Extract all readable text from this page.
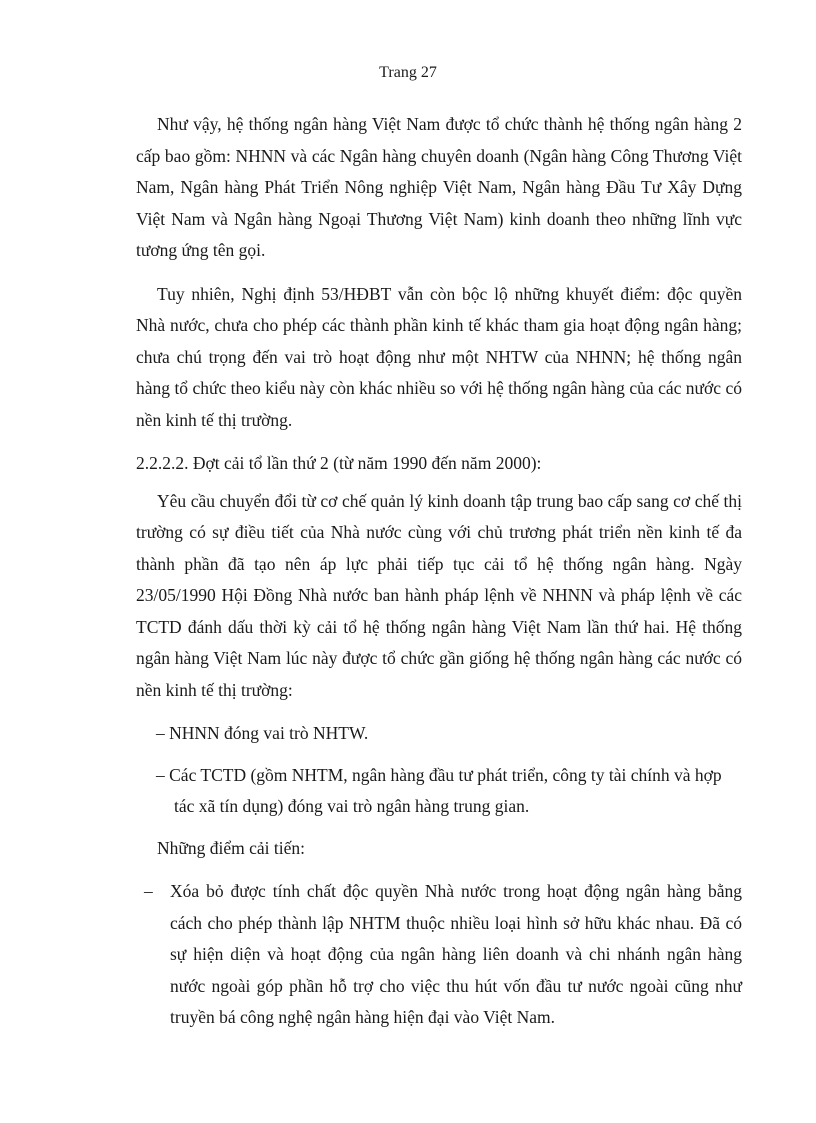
Trang 27

Như vậy, hệ thống ngân hàng Việt Nam được tổ chức thành hệ thống ngân hàng 2 cấp bao gồm: NHNN và các Ngân hàng chuyên doanh (Ngân hàng Công Thương Việt Nam, Ngân hàng Phát Triển Nông nghiệp Việt Nam, Ngân hàng Đầu Tư Xây Dựng Việt Nam và Ngân hàng Ngoại Thương Việt Nam) kinh doanh theo những lĩnh vực tương ứng tên gọi.

Tuy nhiên, Nghị định 53/HĐBT vẫn còn bộc lộ những khuyết điểm: độc quyền Nhà nước, chưa cho phép các thành phần kinh tế khác tham gia hoạt động ngân hàng; chưa chú trọng đến vai trò hoạt động như một NHTW của NHNN; hệ thống ngân hàng tổ chức theo kiểu này còn khác nhiều so với hệ thống ngân hàng của các nước có nền kinh tế thị trường.

2.2.2.2. Đợt cải tổ lần thứ 2 (từ năm 1990 đến năm 2000):

Yêu cầu chuyển đổi từ cơ chế quản lý kinh doanh tập trung bao cấp sang cơ chế thị trường có sự điều tiết của Nhà nước cùng với chủ trương phát triển nền kinh tế đa thành phần đã tạo nên áp lực phải tiếp tục cải tổ hệ thống ngân hàng. Ngày 23/05/1990 Hội Đồng Nhà nước ban hành pháp lệnh về NHNN và pháp lệnh về các TCTD đánh dấu thời kỳ cải tổ hệ thống ngân hàng Việt Nam lần thứ hai. Hệ thống ngân hàng Việt Nam lúc này được tổ chức gần giống hệ thống ngân hàng các nước có nền kinh tế thị trường:

– NHNN đóng vai trò NHTW.

– Các TCTD (gồm NHTM, ngân hàng đầu tư phát triển, công ty tài chính và hợp tác xã tín dụng) đóng vai trò ngân hàng trung gian.

Những điểm cải tiến:

– Xóa bỏ được tính chất độc quyền Nhà nước trong hoạt động ngân hàng bằng cách cho phép thành lập NHTM thuộc nhiều loại hình sở hữu khác nhau. Đã có sự hiện diện và hoạt động của ngân hàng liên doanh và chi nhánh ngân hàng nước ngoài góp phần hỗ trợ cho việc thu hút vốn đầu tư nước ngoài cũng như truyền bá công nghệ ngân hàng hiện đại vào Việt Nam.
